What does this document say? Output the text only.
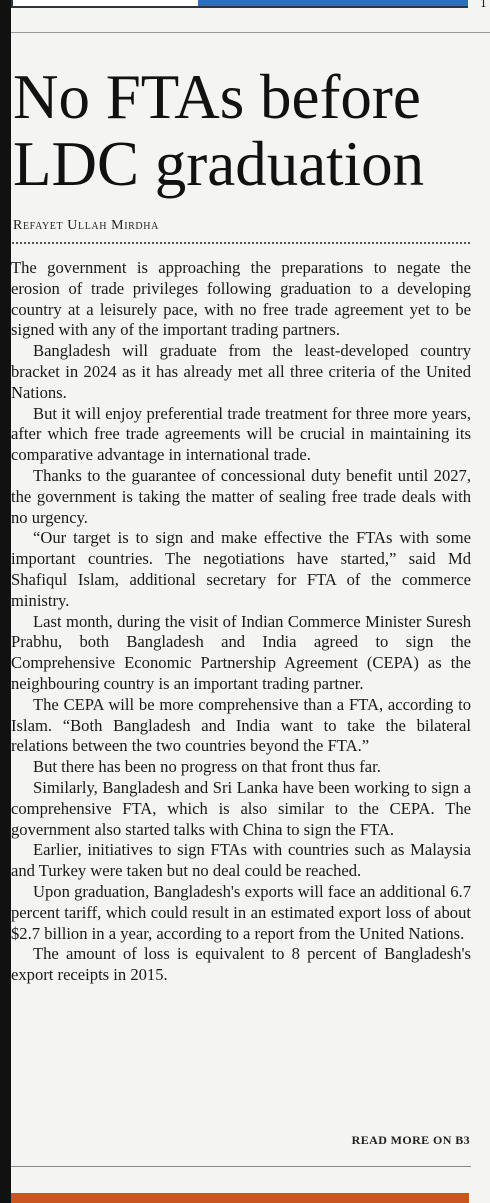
1
No FTAs before
LDC graduation
Refayet Ullah Mirdha

The government is approaching the preparations to negate the erosion of trade privileges following graduation to a developing country at a leisurely pace, with no free trade agreement yet to be signed with any of the important trading partners.

Bangladesh will graduate from the least-developed country bracket in 2024 as it has already met all three criteria of the United Nations.

But it will enjoy preferential trade treatment for three more years, after which free trade agreements will be crucial in maintaining its comparative advantage in international trade.

Thanks to the guarantee of concessional duty benefit until 2027, the government is taking the matter of sealing free trade deals with no urgency.

“Our target is to sign and make effective the FTAs with some important countries. The negotiations have started,” said Md Shafiqul Islam, additional secretary for FTA of the commerce ministry.

Last month, during the visit of Indian Commerce Minister Suresh Prabhu, both Bangladesh and India agreed to sign the Comprehensive Economic Partnership Agreement (CEPA) as the neighbouring country is an important trading partner.

The CEPA will be more comprehensive than a FTA, according to Islam. “Both Bangladesh and India want to take the bilateral relations between the two countries beyond the FTA.”

But there has been no progress on that front thus far.

Similarly, Bangladesh and Sri Lanka have been working to sign a comprehensive FTA, which is also similar to the CEPA. The government also started talks with China to sign the FTA.

Earlier, initiatives to sign FTAs with countries such as Malaysia and Turkey were taken but no deal could be reached.

Upon graduation, Bangladesh's exports will face an additional 6.7 percent tariff, which could result in an estimated export loss of about $2.7 billion in a year, according to a report from the United Nations.

The amount of loss is equivalent to 8 percent of Bangladesh's export receipts in 2015.

READ MORE ON B3
